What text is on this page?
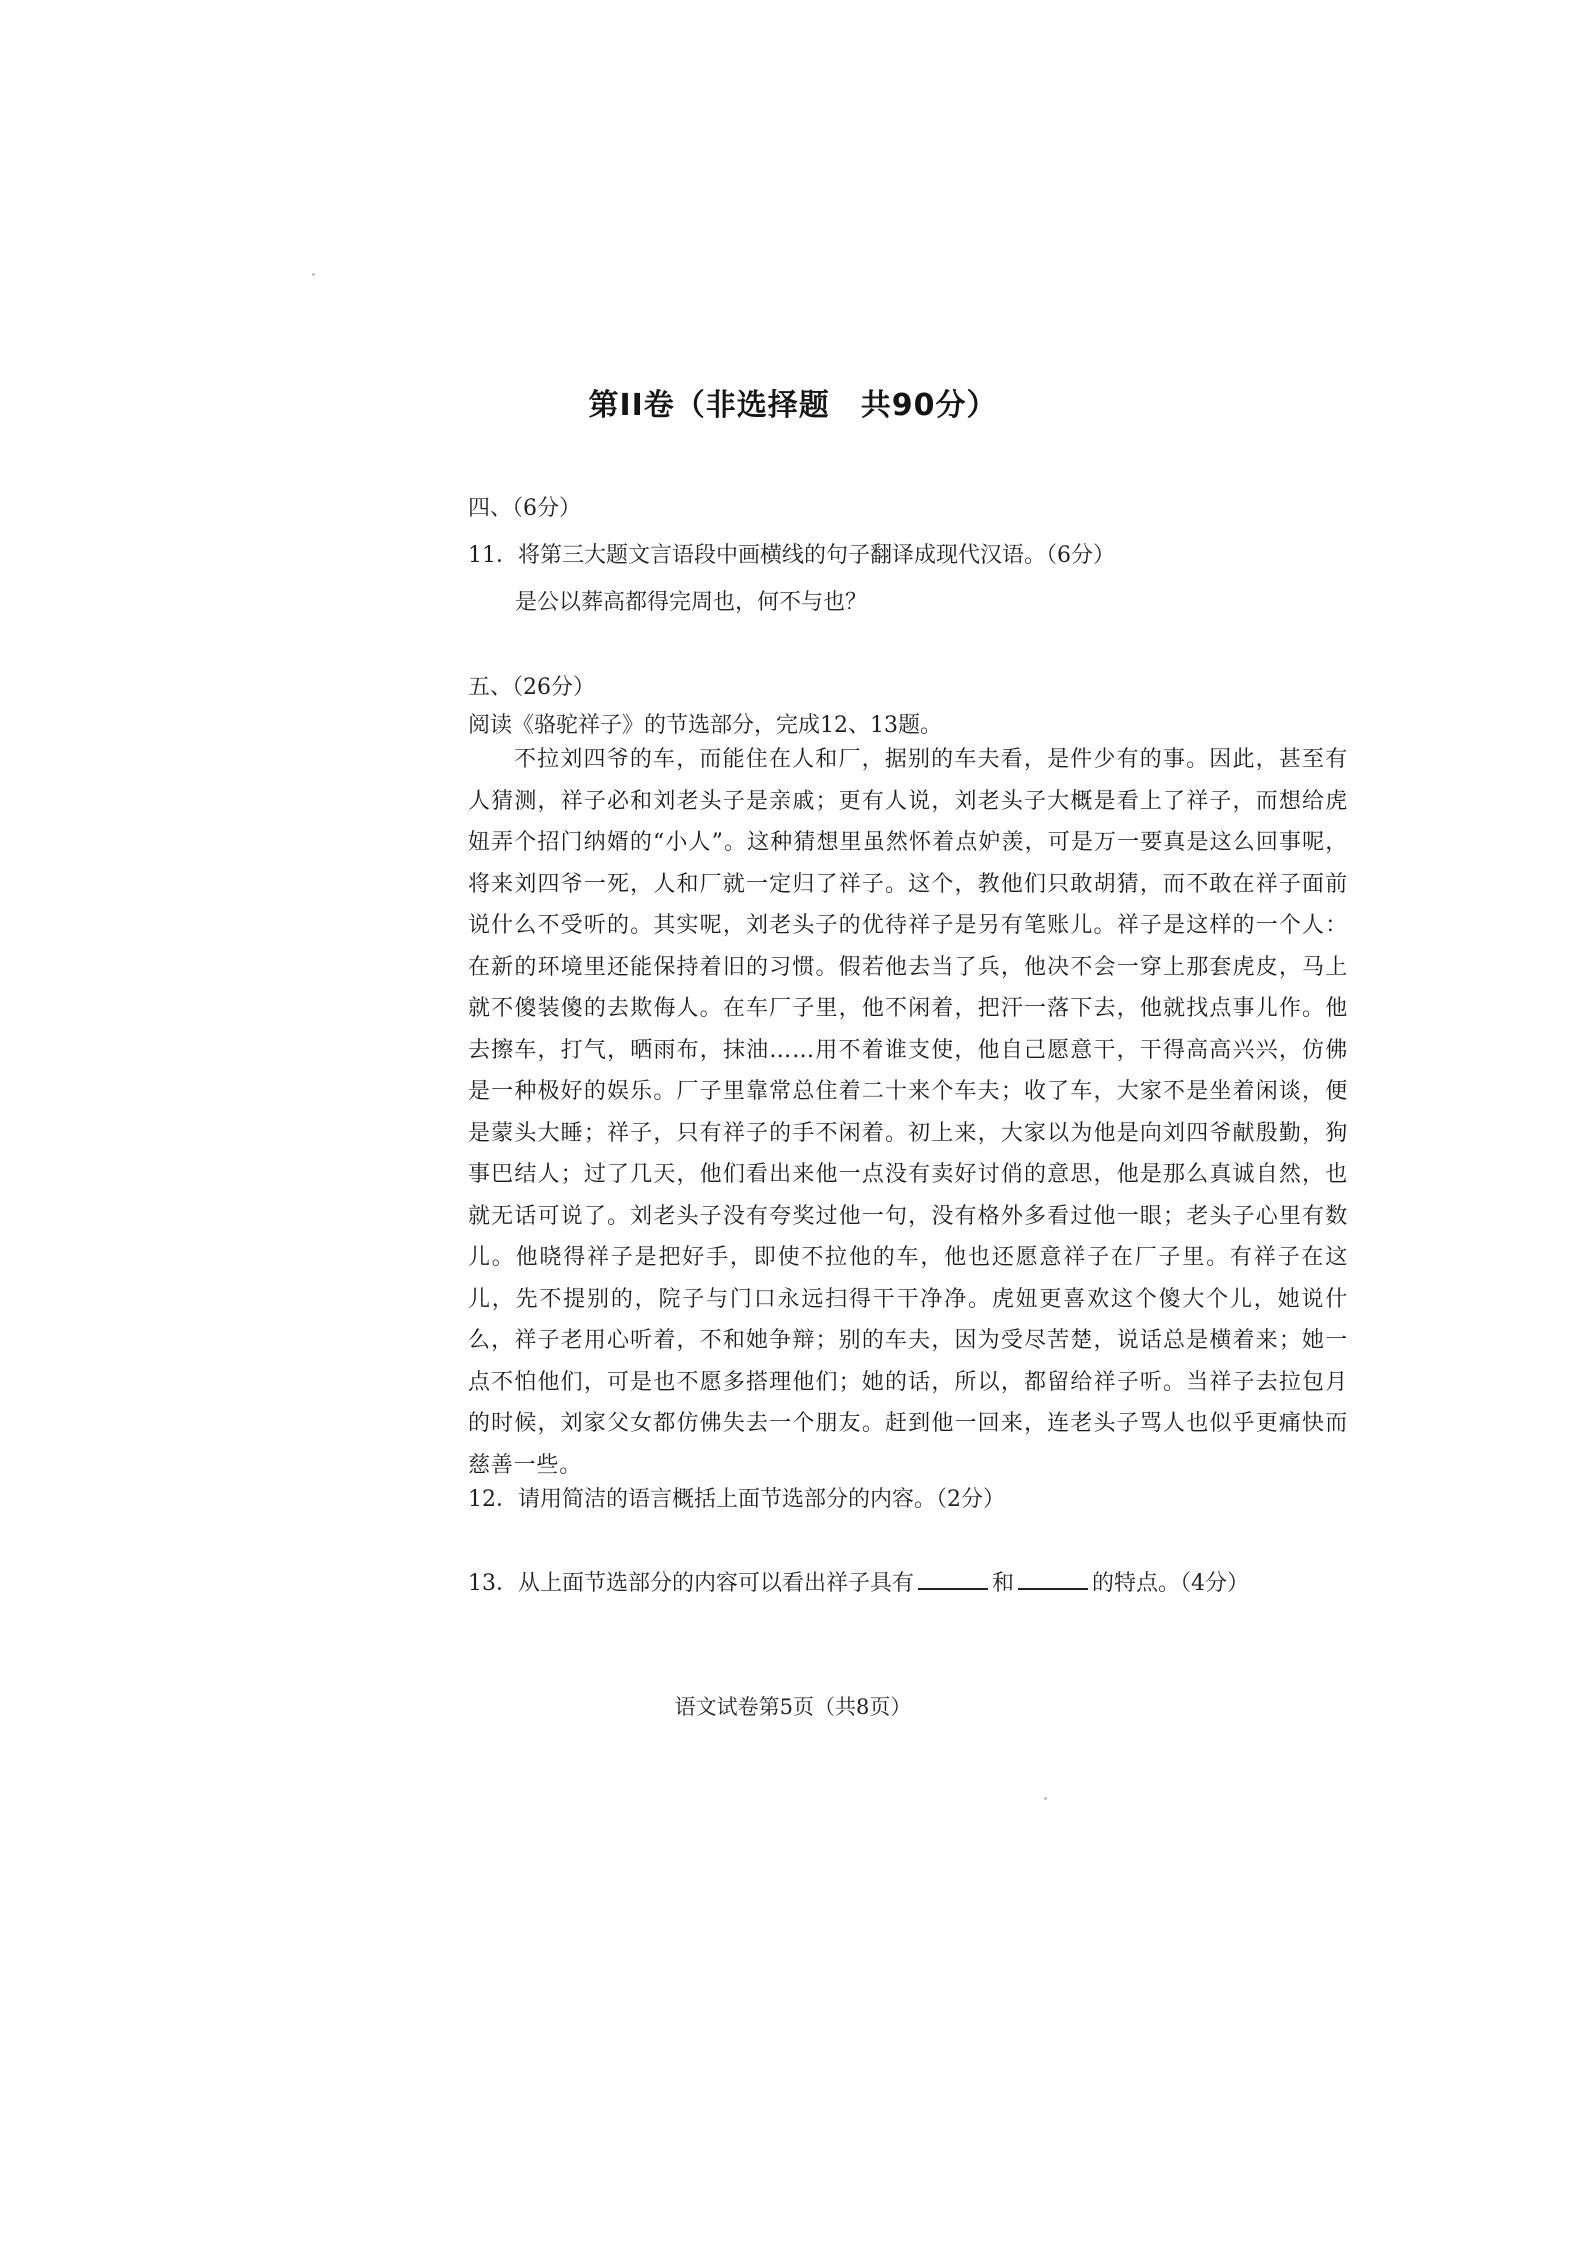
第II卷（非选择题　共90分）
四、（6分）
11．将第三大题文言语段中画横线的句子翻译成现代汉语。（6分）
是公以葬高都得完周也，何不与也？
五、（26分）
阅读《骆驼祥子》的节选部分，完成12、13题。

不拉刘四爷的车，而能住在人和厂，据别的车夫看，是件少有的事。因此，甚至有人猜测，祥子必和刘老头子是亲戚；更有人说，刘老头子大概是看上了祥子，而想给虎妞弄个招门纳婿的“小人”。这种猜想里虽然怀着点妒羡，可是万一要真是这么回事呢，将来刘四爷一死，人和厂就一定归了祥子。这个，教他们只敢胡猜，而不敢在祥子面前说什么不受听的。其实呢，刘老头子的优待祥子是另有笔账儿。祥子是这样的一个人：在新的环境里还能保持着旧的习惯。假若他去当了兵，他决不会一穿上那套虎皮，马上就不傻装傻的去欺侮人。在车厂子里，他不闲着，把汗一落下去，他就找点事儿作。他去擦车，打气，晒雨布，抹油……用不着谁支使，他自己愿意干，干得高高兴兴，仿佛是一种极好的娱乐。厂子里靠常总住着二十来个车夫；收了车，大家不是坐着闲谈，便是蒙头大睡；祥子，只有祥子的手不闲着。初上来，大家以为他是向刘四爷献殷勤，狗事巴结人；过了几天，他们看出来他一点没有卖好讨俏的意思，他是那么真诚自然，也就无话可说了。刘老头子没有夸奖过他一句，没有格外多看过他一眼；老头子心里有数儿。他晓得祥子是把好手，即使不拉他的车，他也还愿意祥子在厂子里。有祥子在这儿，先不提别的，院子与门口永远扫得干干净净。虎妞更喜欢这个傻大个儿，她说什么，祥子老用心听着，不和她争辩；别的车夫，因为受尽苦楚，说话总是横着来；她一点不怕他们，可是也不愿多搭理他们；她的话，所以，都留给祥子听。当祥子去拉包月的时候，刘家父女都仿佛失去一个朋友。赶到他一回来，连老头子骂人也似乎更痛快而慈善一些。

12．请用简洁的语言概括上面节选部分的内容。（2分）
13．从上面节选部分的内容可以看出祥子具有	和	的特点。（4分）
语文试卷第5页（共8页）
